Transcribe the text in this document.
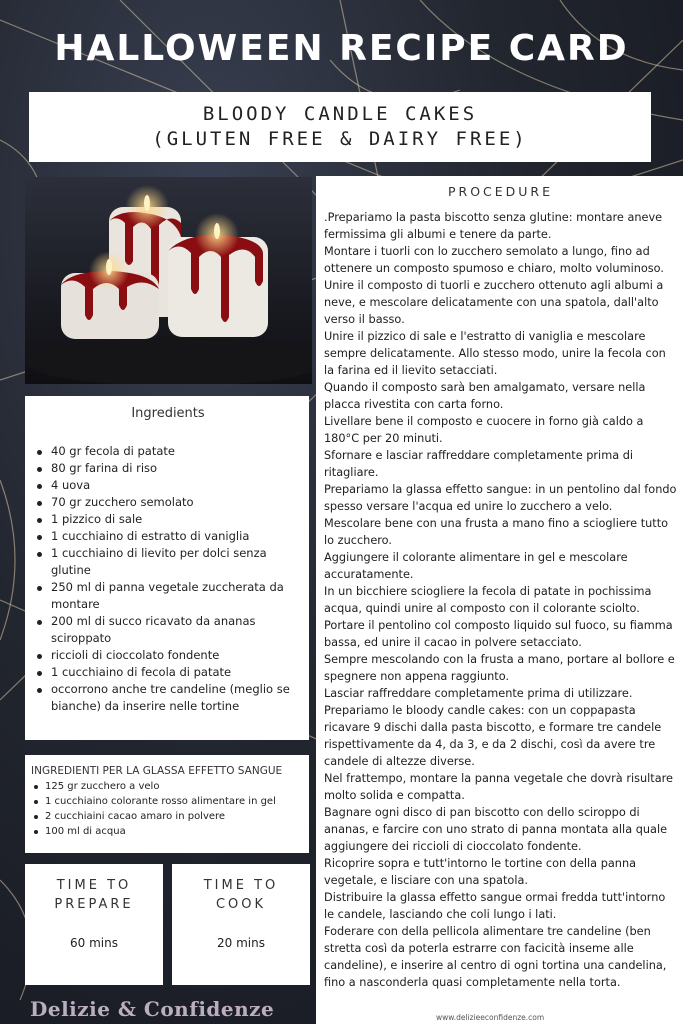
HALLOWEEN RECIPE CARD
BLOODY CANDLE CAKES
(GLUTEN FREE & DAIRY FREE)
Ingredients
40 gr fecola di patate
80 gr farina di riso
4 uova
70 gr zucchero semolato
1 pizzico di sale
1 cucchiaino di estratto di vaniglia
1 cucchiaino di lievito per dolci senza glutine
250 ml di panna vegetale zuccherata da montare
200 ml di succo ricavato da ananas sciroppato
riccioli di cioccolato fondente
1 cucchiaino di fecola di patate
occorrono anche tre candeline (meglio se bianche) da inserire nelle tortine
INGREDIENTI PER LA GLASSA EFFETTO SANGUE
125 gr zucchero a velo
1 cucchiaino colorante rosso alimentare in gel
2 cucchiaini cacao amaro in polvere
100 ml di acqua
TIME TO
PREPARE
60 mins
TIME TO
COOK
20 mins
PROCEDURE

.Prepariamo la pasta biscotto senza glutine: montare aneve fermissima gli albumi e tenere da parte.

Montare i tuorli con lo zucchero semolato a lungo, fino ad ottenere un composto spumoso e chiaro, molto voluminoso.

Unire il composto di tuorli e zucchero ottenuto agli albumi a neve, e mescolare delicatamente con una spatola, dall'alto verso il basso.

Unire il pizzico di sale e l'estratto di vaniglia e mescolare sempre delicatamente. Allo stesso modo, unire la fecola con la farina ed il lievito setacciati.

Quando il composto sarà ben amalgamato, versare nella placca rivestita con carta forno.

Livellare bene il composto e cuocere in forno già caldo a 180°C per 20 minuti.

Sfornare e lasciar raffreddare completamente prima di ritagliare.

Prepariamo la glassa effetto sangue: in un pentolino dal fondo spesso versare l'acqua ed unire lo zucchero a velo.

Mescolare bene con una frusta a mano fino a sciogliere tutto lo zucchero.

Aggiungere il colorante alimentare in gel e mescolare accuratamente.

In un bicchiere sciogliere la fecola di patate in pochissima acqua, quindi unire al composto con il colorante sciolto.

Portare il pentolino col composto liquido sul fuoco, su fiamma bassa, ed unire il cacao in polvere setacciato.

Sempre mescolando con la frusta a mano, portare al bollore e spegnere non appena raggiunto.

Lasciar raffreddare completamente prima di utilizzare.

Prepariamo le bloody candle cakes: con un coppapasta ricavare 9 dischi dalla pasta biscotto, e formare tre candele rispettivamente da 4, da 3, e da 2 dischi, così da avere tre candele di altezze diverse.

Nel frattempo, montare la panna vegetale che dovrà risultare molto solida e compatta.

Bagnare ogni disco di pan biscotto con dello sciroppo di ananas, e farcire con uno strato di panna montata alla quale aggiungere dei riccioli di cioccolato fondente.

Ricoprire sopra e tutt'intorno le tortine con della panna vegetale, e lisciare con una spatola.

Distribuire la glassa effetto sangue ormai fredda tutt'intorno le candele, lasciando che coli lungo i lati.

Foderare con della pellicola alimentare tre candeline (ben stretta così da poterla estrarre con facicità inseme alle candeline), e inserire al centro di ogni tortina una candelina, fino a nasconderla quasi completamente nella torta.

Delizie & Confidenze	www.delizieeconfidenze.com
